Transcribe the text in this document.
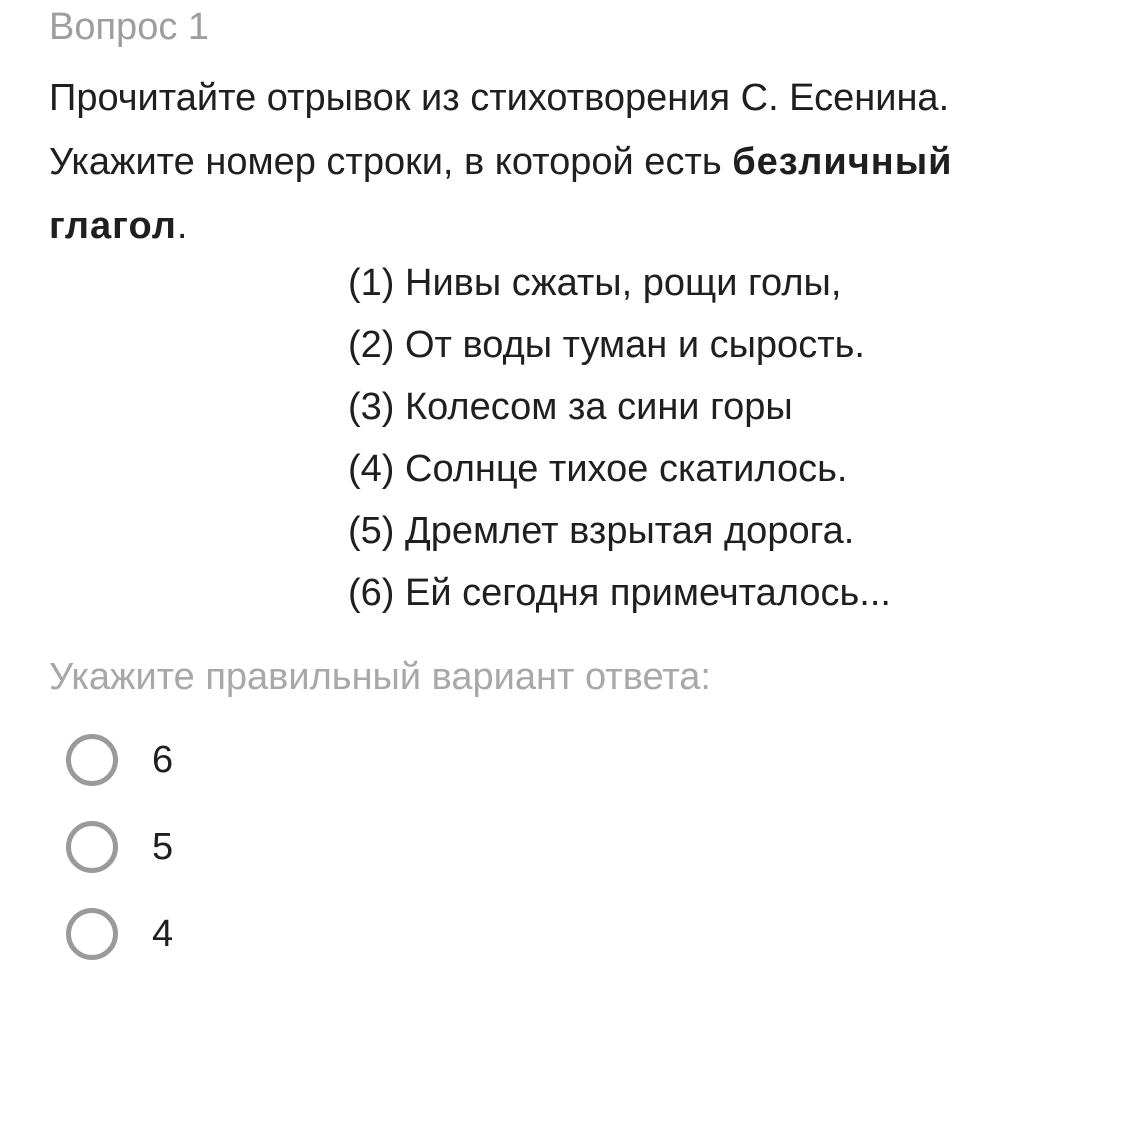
Вопрос 1
Прочитайте отрывок из стихотворения С. Есенина. Укажите номер строки, в которой есть безличный глагол.
(1) Нивы сжаты, рощи голы,
(2) От воды туман и сырость.
(3) Колесом за сини горы
(4) Солнце тихое скатилось.
(5) Дремлет взрытая дорога.
(6) Ей сегодня примечталось...
Укажите правильный вариант ответа:
6
5
4
